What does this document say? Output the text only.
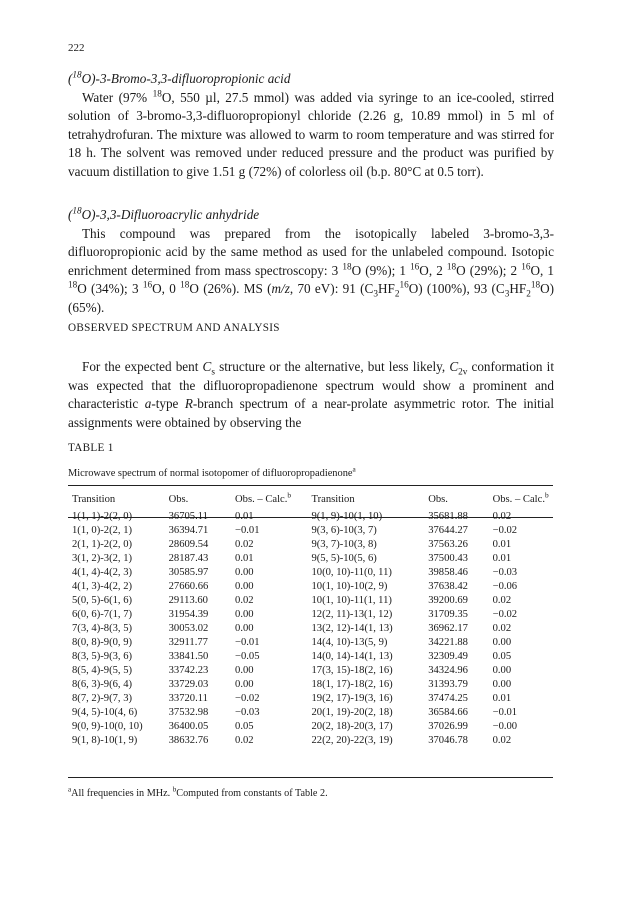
222
($^{18}$O)-3-Bromo-3,3-difluoropropionic acid

Water (97% $^{18}$O, 550 µl, 27.5 mmol) was added via syringe to an ice-cooled, stirred solution of 3-bromo-3,3-difluoropropionyl chloride (2.26 g, 10.89 mmol) in 5 ml of tetrahydrofuran. The mixture was allowed to warm to room temperature and was stirred for 18 h. The solvent was removed under reduced pressure and the product was purified by vacuum distillation to give 1.51 g (72%) of colorless oil (b.p. 80°C at 0.5 torr).

($^{18}$O)-3,3-Difluoroacrylic anhydride

This compound was prepared from the isotopically labeled 3-bromo-3,3-difluoropropionic acid by the same method as used for the unlabeled compound. Isotopic enrichment determined from mass spectroscopy: 3 $^{18}$O (9%); 1 $^{16}$O, 2 $^{18}$O (29%); 2 $^{16}$O, 1 $^{18}$O (34%); 3 $^{16}$O, 0 $^{18}$O (26%). MS (m/z, 70 eV): 91 $(C_3HF_2^{16}O)$ (100%), 93 $(C_3HF_2^{18}O)$ (65%).

OBSERVED SPECTRUM AND ANALYSIS

For the expected bent $C_s$ structure or the alternative, but less likely, $C_{2v}$ conformation it was expected that the difluoropropadienone spectrum would show a prominent and characteristic a-type R-branch spectrum of a near-prolate asymmetric rotor. The initial assignments were obtained by observing the

TABLE 1
Microwave spectrum of normal isotopomer of difluoropropadienone$^a$
Transition	Obs.	Obs. – Calc.$^b$	Transition	Obs.	Obs. – Calc.$^b$
1(1, 1)-2(2, 0)	36705.11	0.01	9(1, 9)-10(1, 10)	35681.88	0.02
1(1, 0)-2(2, 1)	36394.71	−0.01	9(3, 6)-10(3, 7)	37644.27	−0.02
2(1, 1)-2(2, 0)	28609.54	0.02	9(3, 7)-10(3, 8)	37563.26	0.01
3(1, 2)-3(2, 1)	28187.43	0.01	9(5, 5)-10(5, 6)	37500.43	0.01
4(1, 4)-4(2, 3)	30585.97	0.00	10(0, 10)-11(0, 11)	39858.46	−0.03
4(1, 3)-4(2, 2)	27660.66	0.00	10(1, 10)-10(2, 9)	37638.42	−0.06
5(0, 5)-6(1, 6)	29113.60	0.02	10(1, 10)-11(1, 11)	39200.69	0.02
6(0, 6)-7(1, 7)	31954.39	0.00	12(2, 11)-13(1, 12)	31709.35	−0.02
7(3, 4)-8(3, 5)	30053.02	0.00	13(2, 12)-14(1, 13)	36962.17	0.02
8(0, 8)-9(0, 9)	32911.77	−0.01	14(4, 10)-13(5, 9)	34221.88	0.00
8(3, 5)-9(3, 6)	33841.50	−0.05	14(0, 14)-14(1, 13)	32309.49	0.05
8(5, 4)-9(5, 5)	33742.23	0.00	17(3, 15)-18(2, 16)	34324.96	0.00
8(6, 3)-9(6, 4)	33729.03	0.00	18(1, 17)-18(2, 16)	31393.79	0.00
8(7, 2)-9(7, 3)	33720.11	−0.02	19(2, 17)-19(3, 16)	37474.25	0.01
9(4, 5)-10(4, 6)	37532.98	−0.03	20(1, 19)-20(2, 18)	36584.66	−0.01
9(0, 9)-10(0, 10)	36400.05	0.05	20(2, 18)-20(3, 17)	37026.99	−0.00
9(1, 8)-10(1, 9)	38632.76	0.02	22(2, 20)-22(3, 19)	37046.78	0.02
$^a$All frequencies in MHz. $^b$Computed from constants of Table 2.
